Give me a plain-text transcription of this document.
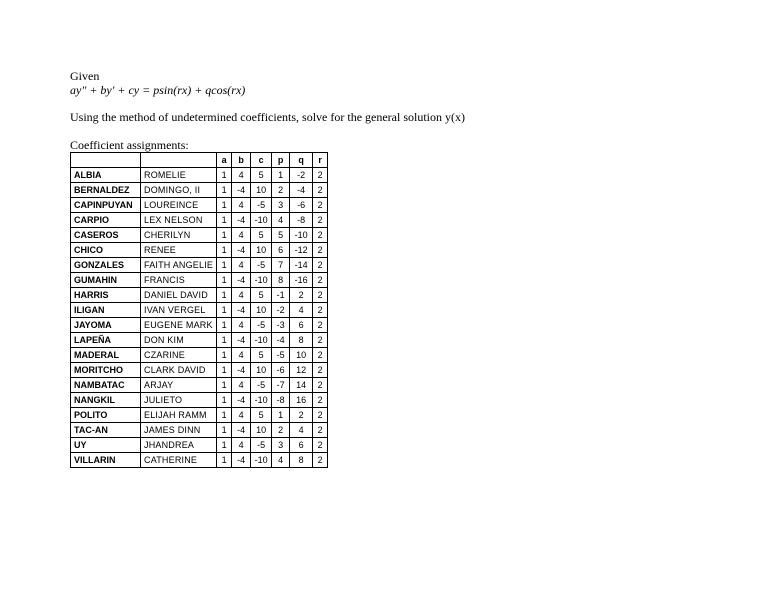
Given
ay″ + by′ + cy = psin(rx) + qcos(rx)
Using the method of undetermined coefficients, solve for the general solution y(x)
Coefficient assignments:
		a	b	c	p	q	r
ALBIA	ROMELIE	1	4	5	1	-2	2
BERNALDEZ	DOMINGO, II	1	-4	10	2	-4	2
CAPINPUYAN	LOUREINCE	1	4	-5	3	-6	2
CARPIO	LEX NELSON	1	-4	-10	4	-8	2
CASEROS	CHERILYN	1	4	5	5	-10	2
CHICO	RENEE	1	-4	10	6	-12	2
GONZALES	FAITH ANGELIE	1	4	-5	7	-14	2
GUMAHIN	FRANCIS	1	-4	-10	8	-16	2
HARRIS	DANIEL DAVID	1	4	5	-1	2	2
ILIGAN	IVAN VERGEL	1	-4	10	-2	4	2
JAYOMA	EUGENE MARK	1	4	-5	-3	6	2
LAPEÑA	DON KIM	1	-4	-10	-4	8	2
MADERAL	CZARINE	1	4	5	-5	10	2
MORITCHO	CLARK DAVID	1	-4	10	-6	12	2
NAMBATAC	ARJAY	1	4	-5	-7	14	2
NANGKIL	JULIETO	1	-4	-10	-8	16	2
POLITO	ELIJAH RAMM	1	4	5	1	2	2
TAC-AN	JAMES DINN	1	-4	10	2	4	2
UY	JHANDREA	1	4	-5	3	6	2
VILLARIN	CATHERINE	1	-4	-10	4	8	2
